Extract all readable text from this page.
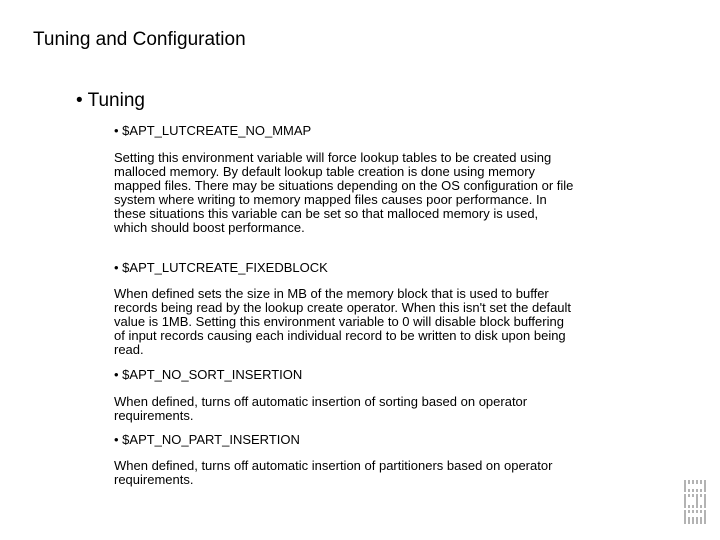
Tuning and Configuration
• Tuning
• $APT_LUTCREATE_NO_MMAP

Setting this environment variable will force lookup tables to be created using malloced memory. By default lookup table creation is done using memory mapped files. There may be situations depending on the OS configuration or file system where writing to memory mapped files causes poor performance. In these situations this variable can be set so that malloced memory is used, which should boost performance.

• $APT_LUTCREATE_FIXEDBLOCK

When defined sets the size in MB of the memory block that is used to buffer records being read by the lookup create operator. When this isn't set the default value is 1MB. Setting this environment variable to 0 will disable block buffering of input records causing each individual record to be written to disk upon being read.

• $APT_NO_SORT_INSERTION

When defined, turns off automatic insertion of sorting based on operator requirements.

• $APT_NO_PART_INSERTION

When defined, turns off automatic insertion of partitioners based on operator requirements.
